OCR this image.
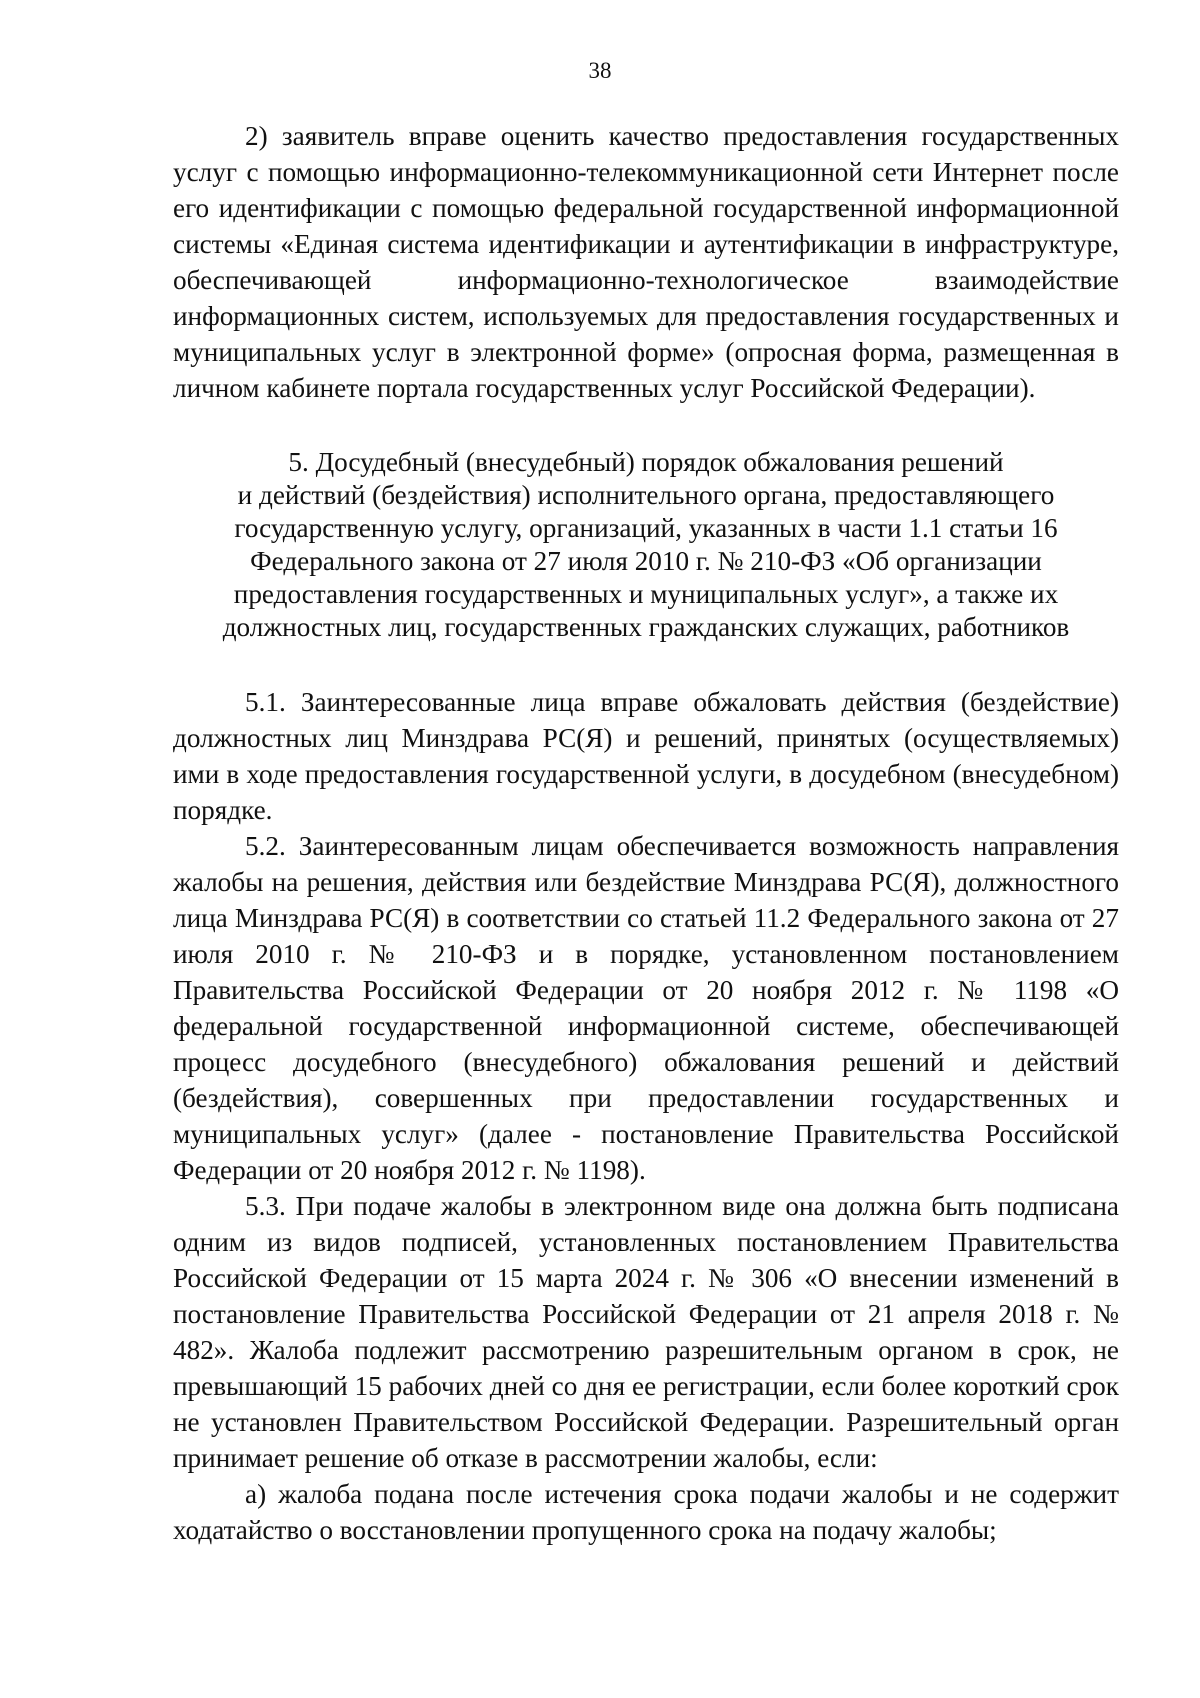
38

2) заявитель вправе оценить качество предоставления государственных услуг с помощью информационно-телекоммуникационной сети Интернет после его идентификации с помощью федеральной государственной информационной системы «Единая система идентификации и аутентификации в инфраструктуре, обеспечивающей информационно-технологическое взаимодействие информационных систем, используемых для предоставления государственных и муниципальных услуг в электронной форме» (опросная форма, размещенная в личном кабинете портала государственных услуг Российской Федерации).

5. Досудебный (внесудебный) порядок обжалования решений
и действий (бездействия) исполнительного органа, предоставляющего
государственную услугу, организаций, указанных в части 1.1 статьи 16
Федерального закона от 27 июля 2010 г. № 210-ФЗ «Об организации
предоставления государственных и муниципальных услуг», а также их
должностных лиц, государственных гражданских служащих, работников

5.1. Заинтересованные лица вправе обжаловать действия (бездействие) должностных лиц Минздрава РС(Я) и решений, принятых (осуществляемых) ими в ходе предоставления государственной услуги, в досудебном (внесудебном) порядке.

5.2. Заинтересованным лицам обеспечивается возможность направления жалобы на решения, действия или бездействие Минздрава РС(Я), должностного лица Минздрава РС(Я) в соответствии со статьей 11.2 Федерального закона от 27 июля 2010 г. № 210-ФЗ и в порядке, установленном постановлением Правительства Российской Федерации от 20 ноября 2012 г. № 1198 «О федеральной государственной информационной системе, обеспечивающей процесс досудебного (внесудебного) обжалования решений и действий (бездействия), совершенных при предоставлении государственных и муниципальных услуг» (далее - постановление Правительства Российской Федерации от 20 ноября 2012 г. № 1198).

5.3. При подаче жалобы в электронном виде она должна быть подписана одним из видов подписей, установленных постановлением Правительства Российской Федерации от 15 марта 2024 г. № 306 «О внесении изменений в постановление Правительства Российской Федерации от 21 апреля 2018 г. № 482». Жалоба подлежит рассмотрению разрешительным органом в срок, не превышающий 15 рабочих дней со дня ее регистрации, если более короткий срок не установлен Правительством Российской Федерации. Разрешительный орган принимает решение об отказе в рассмотрении жалобы, если:

а) жалоба подана после истечения срока подачи жалобы и не содержит ходатайство о восстановлении пропущенного срока на подачу жалобы;
